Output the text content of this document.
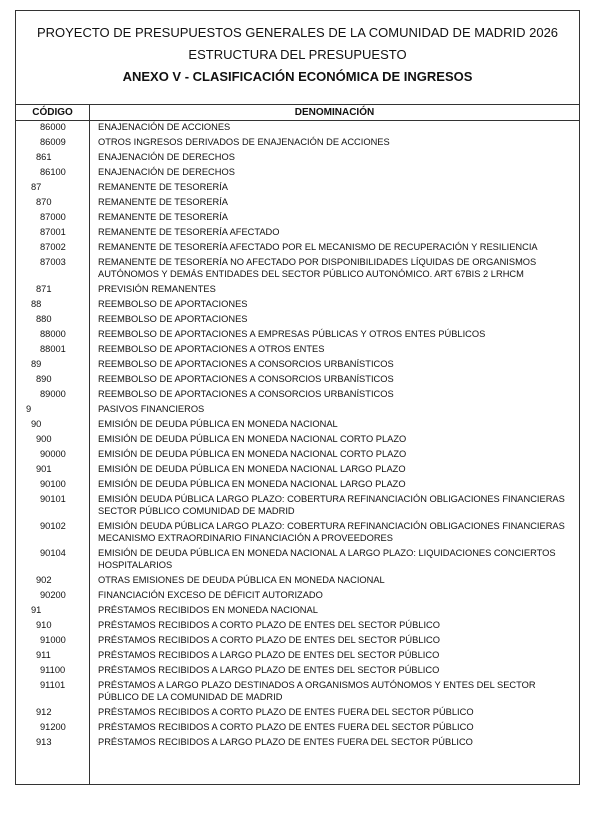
PROYECTO DE PRESUPUESTOS GENERALES DE LA COMUNIDAD DE MADRID 2026
ESTRUCTURA DEL PRESUPUESTO
ANEXO V - CLASIFICACIÓN ECONÓMICA DE INGRESOS
CÓDIGO	DENOMINACIÓN
86000	ENAJENACIÓN DE ACCIONES
86009	OTROS INGRESOS DERIVADOS DE ENAJENACIÓN DE ACCIONES
861	ENAJENACIÓN DE DERECHOS
86100	ENAJENACIÓN DE DERECHOS
87	REMANENTE DE TESORERÍA
870	REMANENTE DE TESORERÍA
87000	REMANENTE DE TESORERÍA
87001	REMANENTE DE TESORERÍA AFECTADO
87002	REMANENTE DE TESORERÍA AFECTADO POR EL MECANISMO DE RECUPERACIÓN Y RESILIENCIA
87003	REMANENTE DE TESORERÍA NO AFECTADO POR DISPONIBILIDADES LÍQUIDAS DE ORGANISMOS AUTÓNOMOS Y DEMÁS ENTIDADES DEL SECTOR PÚBLICO AUTONÓMICO. ART 67BIS 2 LRHCM
871	PREVISIÓN REMANENTES
88	REEMBOLSO DE APORTACIONES
880	REEMBOLSO DE APORTACIONES
88000	REEMBOLSO DE APORTACIONES A EMPRESAS PÚBLICAS Y OTROS ENTES PÚBLICOS
88001	REEMBOLSO DE APORTACIONES A OTROS ENTES
89	REEMBOLSO DE APORTACIONES A CONSORCIOS URBANÍSTICOS
890	REEMBOLSO DE APORTACIONES A CONSORCIOS URBANÍSTICOS
89000	REEMBOLSO DE APORTACIONES A CONSORCIOS URBANÍSTICOS
9	PASIVOS FINANCIEROS
90	EMISIÓN DE DEUDA PÚBLICA EN MONEDA NACIONAL
900	EMISIÓN DE DEUDA PÚBLICA EN MONEDA NACIONAL CORTO PLAZO
90000	EMISIÓN DE DEUDA PÚBLICA EN MONEDA NACIONAL CORTO PLAZO
901	EMISIÓN DE DEUDA PÚBLICA EN MONEDA NACIONAL LARGO PLAZO
90100	EMISIÓN DE DEUDA PÚBLICA EN MONEDA NACIONAL LARGO PLAZO
90101	EMISIÓN DEUDA PÚBLICA LARGO PLAZO: COBERTURA REFINANCIACIÓN OBLIGACIONES FINANCIERAS SECTOR PÚBLICO COMUNIDAD DE MADRID
90102	EMISIÓN DEUDA PÚBLICA LARGO PLAZO: COBERTURA REFINANCIACIÓN OBLIGACIONES FINANCIERAS MECANISMO EXTRAORDINARIO FINANCIACIÓN A PROVEEDORES
90104	EMISIÓN DE DEUDA PÚBLICA EN MONEDA NACIONAL A LARGO PLAZO: LIQUIDACIONES CONCIERTOS HOSPITALARIOS
902	OTRAS EMISIONES DE DEUDA PÚBLICA EN MONEDA NACIONAL
90200	FINANCIACIÓN EXCESO DE DÉFICIT AUTORIZADO
91	PRÉSTAMOS RECIBIDOS EN MONEDA NACIONAL
910	PRÉSTAMOS RECIBIDOS A CORTO PLAZO DE ENTES DEL SECTOR PÚBLICO
91000	PRÉSTAMOS RECIBIDOS A CORTO PLAZO DE ENTES DEL SECTOR PÚBLICO
911	PRÉSTAMOS RECIBIDOS A LARGO PLAZO DE ENTES DEL SECTOR PÚBLICO
91100	PRÉSTAMOS RECIBIDOS A LARGO PLAZO DE ENTES DEL SECTOR PÚBLICO
91101	PRÉSTAMOS A LARGO PLAZO DESTINADOS A ORGANISMOS AUTÓNOMOS Y ENTES DEL SECTOR PÚBLICO DE LA COMUNIDAD DE MADRID
912	PRÉSTAMOS RECIBIDOS A CORTO PLAZO DE ENTES FUERA DEL SECTOR PÚBLICO
91200	PRÉSTAMOS RECIBIDOS A CORTO PLAZO DE ENTES FUERA DEL SECTOR PÚBLICO
913	PRÉSTAMOS RECIBIDOS A LARGO PLAZO DE ENTES FUERA DEL SECTOR PÚBLICO
